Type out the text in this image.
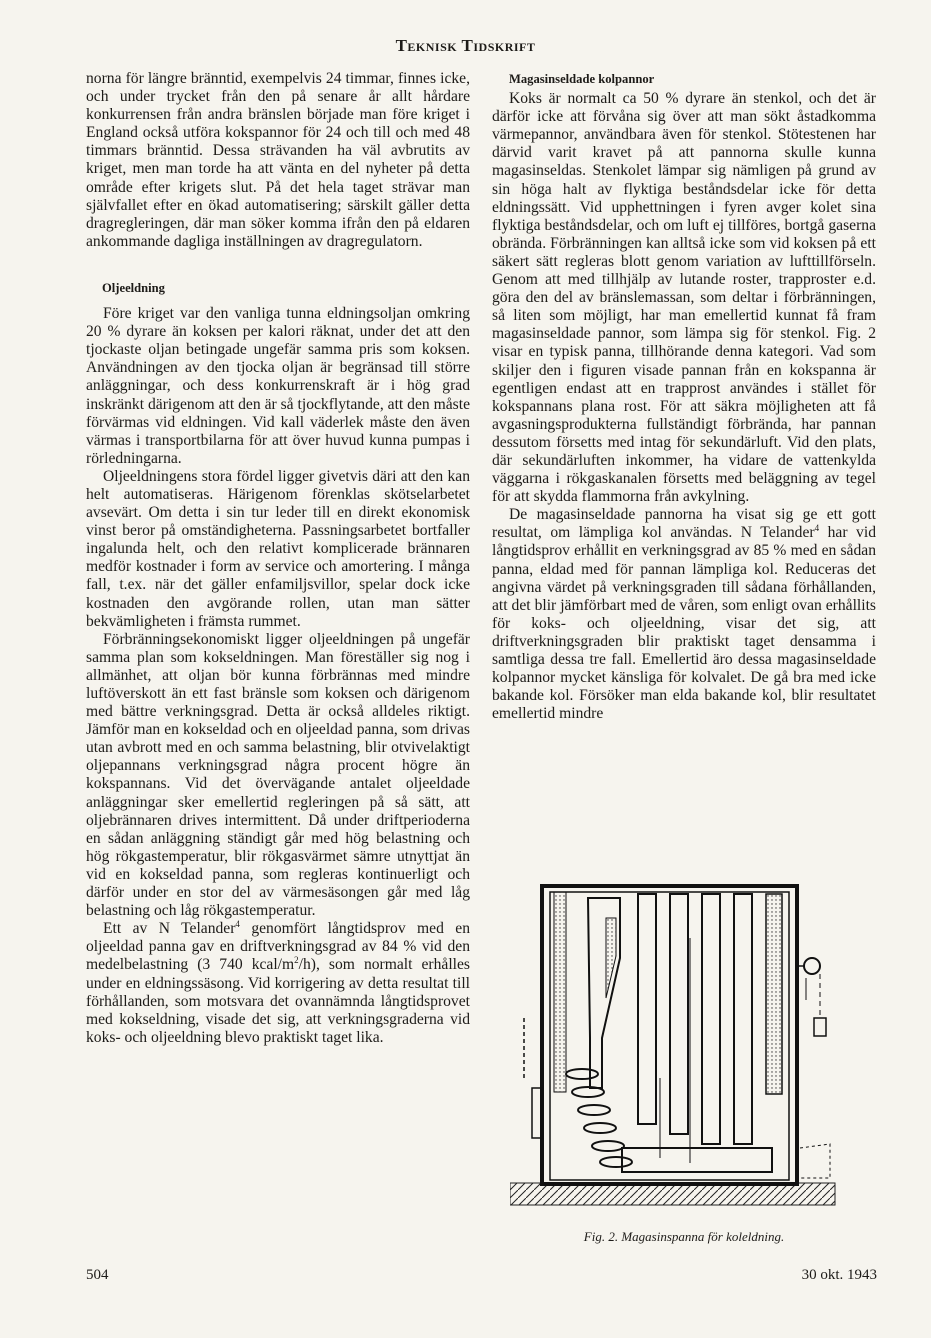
Teknisk Tidskrift

norna för längre bränntid, exempelvis 24 timmar, finnes icke, och under trycket från den på senare år allt hårdare konkurrensen från andra bränslen började man före kriget i England också utföra kokspannor för 24 och till och med 48 timmars bränntid. Dessa strävanden ha väl avbrutits av kriget, men man torde ha att vänta en del nyheter på detta område efter krigets slut. På det hela taget strävar man självfallet efter en ökad automatisering; särskilt gäller detta dragregleringen, där man söker komma ifrån den på eldaren ankommande dagliga inställningen av dragregulatorn.

Oljeeldning

Före kriget var den vanliga tunna eldningsoljan omkring 20 % dyrare än koksen per kalori räknat, under det att den tjockaste oljan betingade ungefär samma pris som koksen. Användningen av den tjocka oljan är begränsad till större anläggningar, och dess konkurrenskraft är i hög grad inskränkt därigenom att den är så tjockflytande, att den måste förvärmas vid eldningen. Vid kall väderlek måste den även värmas i transportbilarna för att över huvud kunna pumpas i rörledningarna.

Oljeeldningens stora fördel ligger givetvis däri att den kan helt automatiseras. Härigenom förenklas skötselarbetet avsevärt. Om detta i sin tur leder till en direkt ekonomisk vinst beror på omständigheterna. Passningsarbetet bortfaller ingalunda helt, och den relativt komplicerade brännaren medför kostnader i form av service och amortering. I många fall, t.ex. när det gäller enfamiljsvillor, spelar dock icke kostnaden den avgörande rollen, utan man sätter bekvämligheten i främsta rummet.

Förbränningsekonomiskt ligger oljeeldningen på ungefär samma plan som kokseldningen. Man föreställer sig nog i allmänhet, att oljan bör kunna förbrännas med mindre luftöverskott än ett fast bränsle som koksen och därigenom med bättre verkningsgrad. Detta är också alldeles riktigt. Jämför man en kokseldad och en oljeeldad panna, som drivas utan avbrott med en och samma belastning, blir otvivelaktigt oljepannans verkningsgrad några procent högre än kokspannans. Vid det övervägande antalet oljeeldade anläggningar sker emellertid regleringen på så sätt, att oljebrännaren drives intermittent. Då under driftperioderna en sådan anläggning ständigt går med hög belastning och hög rökgastemperatur, blir rökgasvärmet sämre utnyttjat än vid en kokseldad panna, som regleras kontinuerligt och därför under en stor del av värmesäsongen går med låg belastning och låg rökgastemperatur.

Ett av N Telander$^4$ genomfört långtidsprov med en oljeeldad panna gav en driftverkningsgrad av 84 % vid den medelbelastning (3 740 kcal/$m^2/h$), som normalt erhålles under en eldningssäsong. Vid korrigering av detta resultat till förhållanden, som motsvara det ovannämnda långtidsprovet med kokseldning, visade det sig, att verkningsgraderna vid koks- och oljeeldning blevo praktiskt taget lika.

Magasinseldade kolpannor

Koks är normalt ca 50 % dyrare än stenkol, och det är därför icke att förvåna sig över att man sökt åstadkomma värmepannor, användbara även för stenkol. Stötestenen har därvid varit kravet på att pannorna skulle kunna magasinseldas. Stenkolet lämpar sig nämligen på grund av sin höga halt av flyktiga beståndsdelar icke för detta eldningssätt. Vid upphettningen i fyren avger kolet sina flyktiga beståndsdelar, och om luft ej tillföres, bortgå gaserna obrända. Förbränningen kan alltså icke som vid koksen på ett säkert sätt regleras blott genom variation av lufttillförseln. Genom att med tillhjälp av lutande roster, trapproster e.d. göra den del av bränslemassan, som deltar i förbränningen, så liten som möjligt, har man emellertid kunnat få fram magasinseldade pannor, som lämpa sig för stenkol. Fig. 2 visar en typisk panna, tillhörande denna kategori. Vad som skiljer den i figuren visade pannan från en kokspanna är egentligen endast att en trapprost användes i stället för kokspannans plana rost. För att säkra möjligheten att få avgasningsprodukterna fullständigt förbrända, har pannan dessutom försetts med intag för sekundärluft. Vid den plats, där sekundärluften inkommer, ha vidare de vattenkylda väggarna i rökgaskanalen försetts med beläggning av tegel för att skydda flammorna från avkylning.

De magasinseldade pannorna ha visat sig ge ett gott resultat, om lämpliga kol användas. N Telander$^4$ har vid långtidsprov erhållit en verkningsgrad av 85 % med en sådan panna, eldad med för pannan lämpliga kol. Reduceras det angivna värdet på verkningsgraden till sådana förhållanden, att det blir jämförbart med de våren, som enligt ovan erhållits för koks- och oljeeldning, visar det sig, att driftverkningsgraden blir praktiskt taget densamma i samtliga dessa tre fall. Emellertid äro dessa magasinseldade kolpannor mycket känsliga för kolvalet. De gå bra med icke bakande kol. Försöker man elda bakande kol, blir resultatet emellertid mindre

Fig. 2. Magasinspanna för koleldning.
504	30 okt. 1943
